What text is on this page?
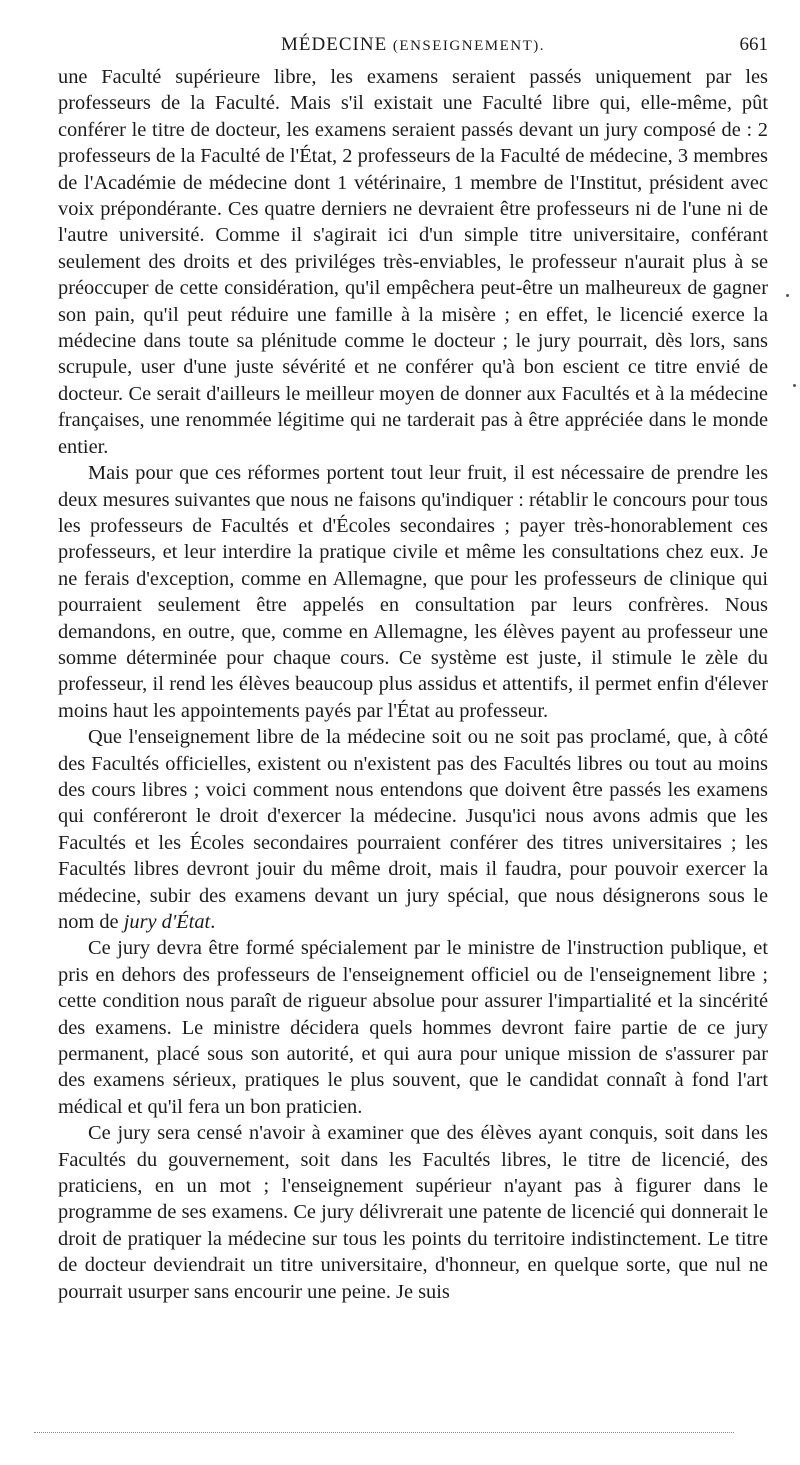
MÉDECINE (ENSEIGNEMENT).	661

une Faculté supérieure libre, les examens seraient passés uniquement par les professeurs de la Faculté. Mais s'il existait une Faculté libre qui, elle-même, pût conférer le titre de docteur, les examens seraient passés devant un jury composé de : 2 professeurs de la Faculté de l'État, 2 professeurs de la Faculté de médecine, 3 membres de l'Académie de médecine dont 1 vétérinaire, 1 membre de l'Institut, président avec voix prépondérante. Ces quatre derniers ne devraient être professeurs ni de l'une ni de l'autre université. Comme il s'agirait ici d'un simple titre universitaire, conférant seulement des droits et des priviléges très-enviables, le professeur n'aurait plus à se préoccuper de cette considération, qu'il empêchera peut-être un malheureux de gagner son pain, qu'il peut réduire une famille à la misère ; en effet, le licencié exerce la médecine dans toute sa plénitude comme le docteur ; le jury pourrait, dès lors, sans scrupule, user d'une juste sévérité et ne conférer qu'à bon escient ce titre envié de docteur. Ce serait d'ailleurs le meilleur moyen de donner aux Facultés et à la médecine françaises, une renommée légitime qui ne tarderait pas à être appréciée dans le monde entier.

Mais pour que ces réformes portent tout leur fruit, il est nécessaire de prendre les deux mesures suivantes que nous ne faisons qu'indiquer : rétablir le concours pour tous les professeurs de Facultés et d'Écoles secondaires ; payer très-honorablement ces professeurs, et leur interdire la pratique civile et même les consultations chez eux. Je ne ferais d'exception, comme en Allemagne, que pour les professeurs de clinique qui pourraient seulement être appelés en consultation par leurs confrères. Nous demandons, en outre, que, comme en Allemagne, les élèves payent au professeur une somme déterminée pour chaque cours. Ce système est juste, il stimule le zèle du professeur, il rend les élèves beaucoup plus assidus et attentifs, il permet enfin d'élever moins haut les appointements payés par l'État au professeur.

Que l'enseignement libre de la médecine soit ou ne soit pas proclamé, que, à côté des Facultés officielles, existent ou n'existent pas des Facultés libres ou tout au moins des cours libres ; voici comment nous entendons que doivent être passés les examens qui conféreront le droit d'exercer la médecine. Jusqu'ici nous avons admis que les Facultés et les Écoles secondaires pourraient conférer des titres universitaires ; les Facultés libres devront jouir du même droit, mais il faudra, pour pouvoir exercer la médecine, subir des examens devant un jury spécial, que nous désignerons sous le nom de jury d'État.

Ce jury devra être formé spécialement par le ministre de l'instruction publique, et pris en dehors des professeurs de l'enseignement officiel ou de l'enseignement libre ; cette condition nous paraît de rigueur absolue pour assurer l'impartialité et la sincérité des examens. Le ministre décidera quels hommes devront faire partie de ce jury permanent, placé sous son autorité, et qui aura pour unique mission de s'assurer par des examens sérieux, pratiques le plus souvent, que le candidat connaît à fond l'art médical et qu'il fera un bon praticien.

Ce jury sera censé n'avoir à examiner que des élèves ayant conquis, soit dans les Facultés du gouvernement, soit dans les Facultés libres, le titre de licencié, des praticiens, en un mot ; l'enseignement supérieur n'ayant pas à figurer dans le programme de ses examens. Ce jury délivrerait une patente de licencié qui donnerait le droit de pratiquer la médecine sur tous les points du territoire indistinctement. Le titre de docteur deviendrait un titre universitaire, d'honneur, en quelque sorte, que nul ne pourrait usurper sans encourir une peine. Je suis
